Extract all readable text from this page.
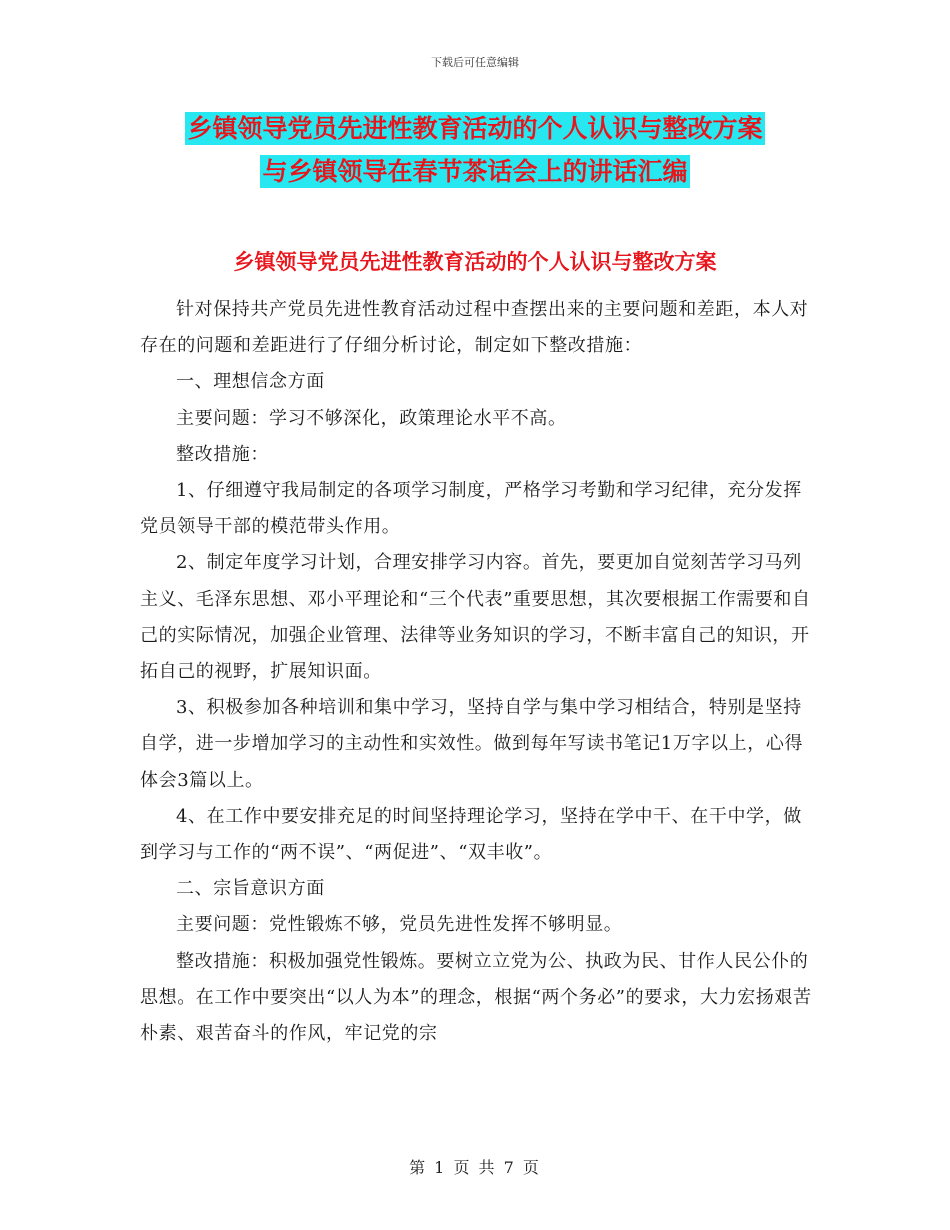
下载后可任意编辑
乡镇领导党员先进性教育活动的个人认识与整改方案
与乡镇领导在春节茶话会上的讲话汇编
乡镇领导党员先进性教育活动的个人认识与整改方案

针对保持共产党员先进性教育活动过程中查摆出来的主要问题和差距，本人对存在的问题和差距进行了仔细分析讨论，制定如下整改措施：

一、理想信念方面

主要问题：学习不够深化，政策理论水平不高。

整改措施：

1、仔细遵守我局制定的各项学习制度，严格学习考勤和学习纪律，充分发挥党员领导干部的模范带头作用。

2、制定年度学习计划，合理安排学习内容。首先，要更加自觉刻苦学习马列主义、毛泽东思想、邓小平理论和“三个代表”重要思想，其次要根据工作需要和自己的实际情况，加强企业管理、法律等业务知识的学习，不断丰富自己的知识，开拓自己的视野，扩展知识面。

3、积极参加各种培训和集中学习，坚持自学与集中学习相结合，特别是坚持自学，进一步增加学习的主动性和实效性。做到每年写读书笔记1万字以上，心得体会3篇以上。

4、在工作中要安排充足的时间坚持理论学习，坚持在学中干、在干中学，做到学习与工作的“两不误”、“两促进”、“双丰收”。

二、宗旨意识方面

主要问题：党性锻炼不够，党员先进性发挥不够明显。

整改措施：积极加强党性锻炼。要树立立党为公、执政为民、甘作人民公仆的思想。在工作中要突出“以人为本”的理念，根据“两个务必”的要求，大力宏扬艰苦朴素、艰苦奋斗的作风，牢记党的宗

第 1 页 共 7 页
